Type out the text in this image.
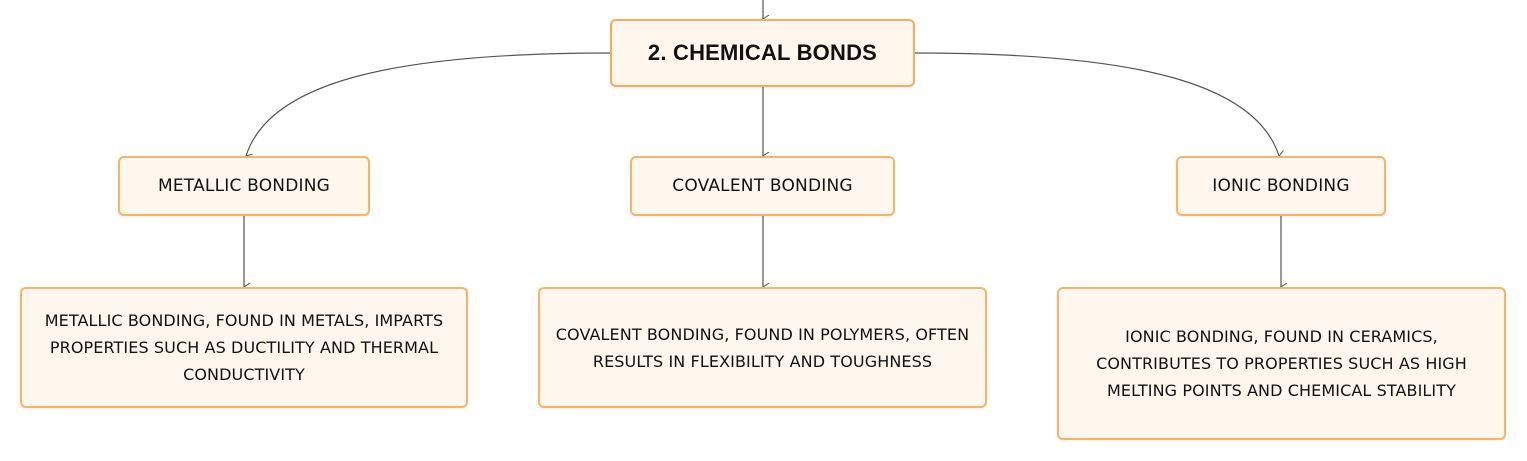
2. CHEMICAL BONDS
METALLIC BONDING	COVALENT BONDING	IONIC BONDING
METALLIC BONDING, FOUND IN METALS, IMPARTS PROPERTIES SUCH AS DUCTILITY AND THERMAL CONDUCTIVITY
COVALENT BONDING, FOUND IN POLYMERS, OFTEN RESULTS IN FLEXIBILITY AND TOUGHNESS
IONIC BONDING, FOUND IN CERAMICS, CONTRIBUTES TO PROPERTIES SUCH AS HIGH MELTING POINTS AND CHEMICAL STABILITY
